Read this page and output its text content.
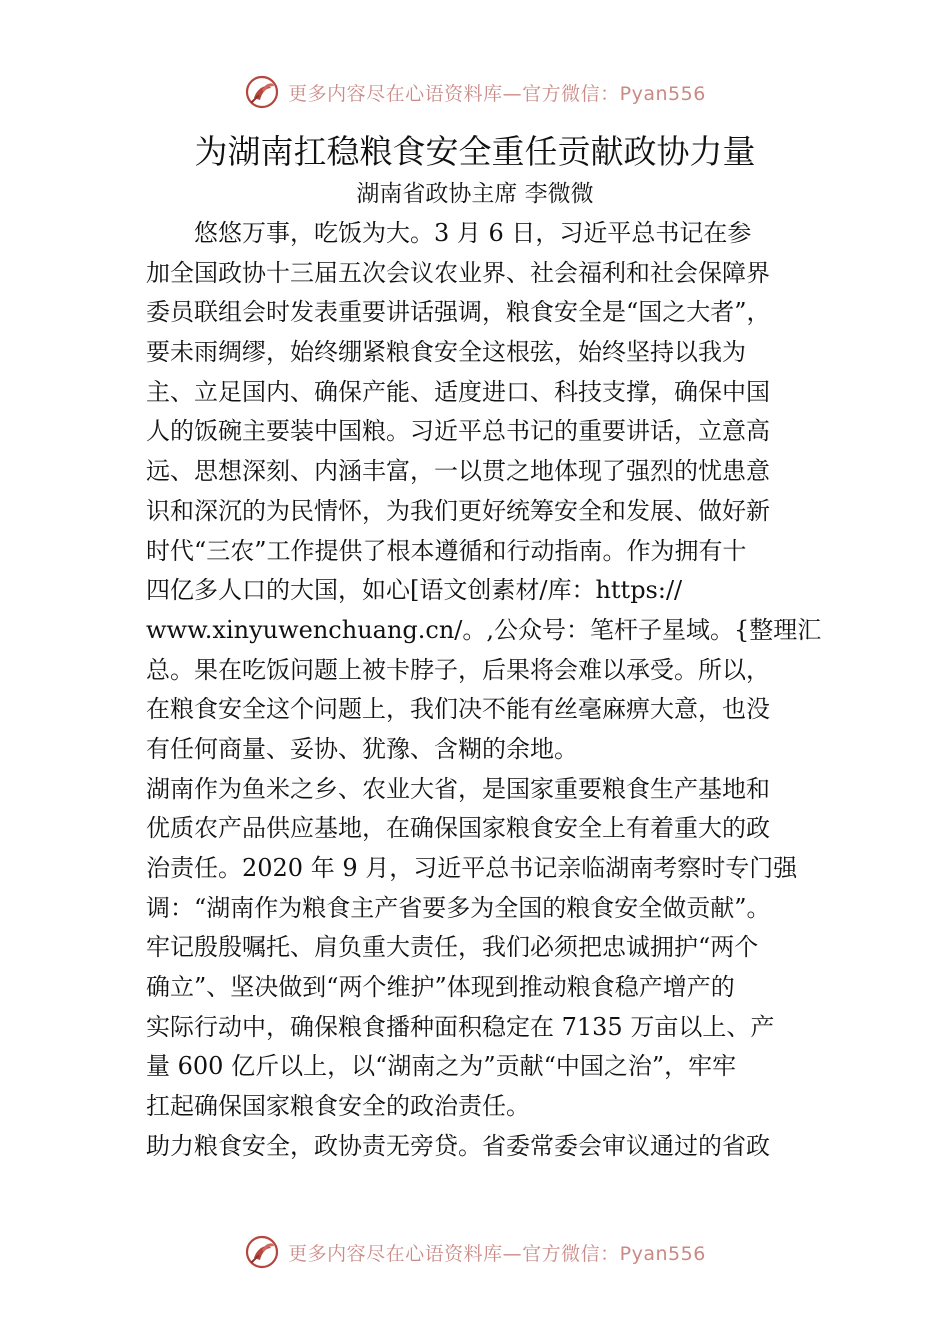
更多内容尽在心语资料库—官方微信：Pyan556
为湖南扛稳粮食安全重任贡献政协力量
湖南省政协主席 李微微
　　悠悠万事，吃饭为大。3 月 6 日，习近平总书记在参
加全国政协十三届五次会议农业界、社会福利和社会保障界
委员联组会时发表重要讲话强调，粮食安全是“国之大者”，
要未雨绸缪，始终绷紧粮食安全这根弦，始终坚持以我为
主、立足国内、确保产能、适度进口、科技支撑，确保中国
人的饭碗主要装中国粮。习近平总书记的重要讲话，立意高
远、思想深刻、内涵丰富，一以贯之地体现了强烈的忧患意
识和深沉的为民情怀，为我们更好统筹安全和发展、做好新
时代“三农”工作提供了根本遵循和行动指南。作为拥有十
四亿多人口的大国，如心[语文创素材/库：https://
www.xinyuwenchuang.cn/。,公众号：笔杆子星域。{整理汇
总。果在吃饭问题上被卡脖子，后果将会难以承受。所以，
在粮食安全这个问题上，我们决不能有丝毫麻痹大意，也没
有任何商量、妥协、犹豫、含糊的余地。
湖南作为鱼米之乡、农业大省，是国家重要粮食生产基地和
优质农产品供应基地，在确保国家粮食安全上有着重大的政
治责任。2020 年 9 月，习近平总书记亲临湖南考察时专门强
调：“湖南作为粮食主产省要多为全国的粮食安全做贡献”。
牢记殷殷嘱托、肩负重大责任，我们必须把忠诚拥护“两个
确立”、坚决做到“两个维护”体现到推动粮食稳产增产的
实际行动中，确保粮食播种面积稳定在 7135 万亩以上、产
量 600 亿斤以上，以“湖南之为”贡献“中国之治”，牢牢
扛起确保国家粮食安全的政治责任。
助力粮食安全，政协责无旁贷。省委常委会审议通过的省政
更多内容尽在心语资料库—官方微信：Pyan556
